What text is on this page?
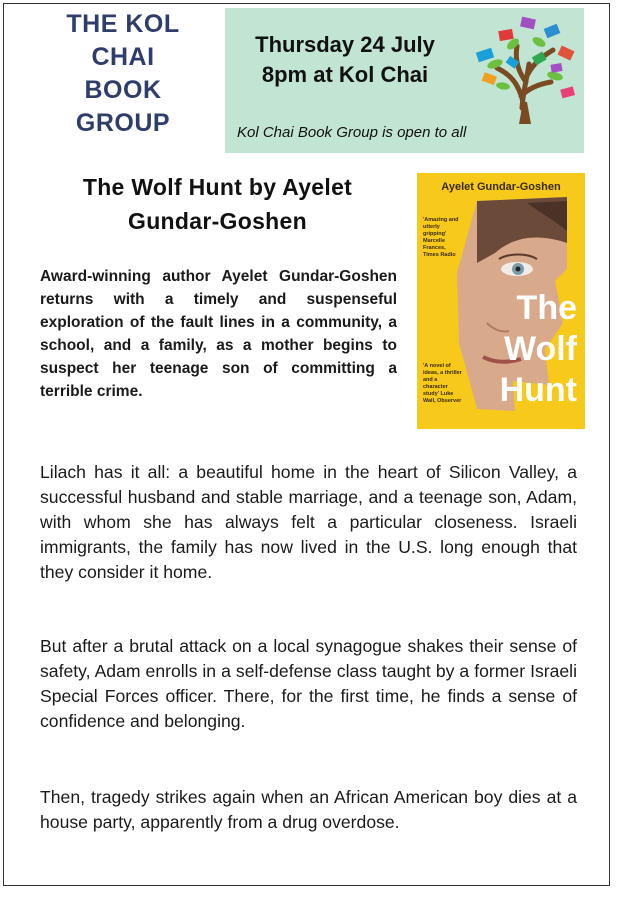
THE KOL
CHAI
BOOK
GROUP
Thursday 24 July
8pm at Kol Chai
Kol Chai Book Group is open to all
The Wolf Hunt by Ayelet
Gundar-Goshen
Award-winning author Ayelet Gundar-Goshen returns with a timely and suspenseful exploration of the fault lines in a community, a school, and a family, as a mother begins to suspect her teenage son of committing a terrible crime.
Ayelet Gundar-Goshen
'Amazing and utterly gripping' Marcelle Frances, Times Radio
'A novel of ideas, a thriller and a character study' Luke Wall, Observer
The
Wolf
Hunt
Lilach has it all: a beautiful home in the heart of Silicon Valley, a successful husband and stable marriage, and a teenage son, Adam, with whom she has always felt a particular closeness. Israeli immigrants, the family has now lived in the U.S. long enough that they consider it home.
But after a brutal attack on a local synagogue shakes their sense of safety, Adam enrolls in a self-defense class taught by a former Israeli Special Forces officer. There, for the first time, he finds a sense of confidence and belonging.
Then, tragedy strikes again when an African American boy dies at a house party, apparently from a drug overdose.
